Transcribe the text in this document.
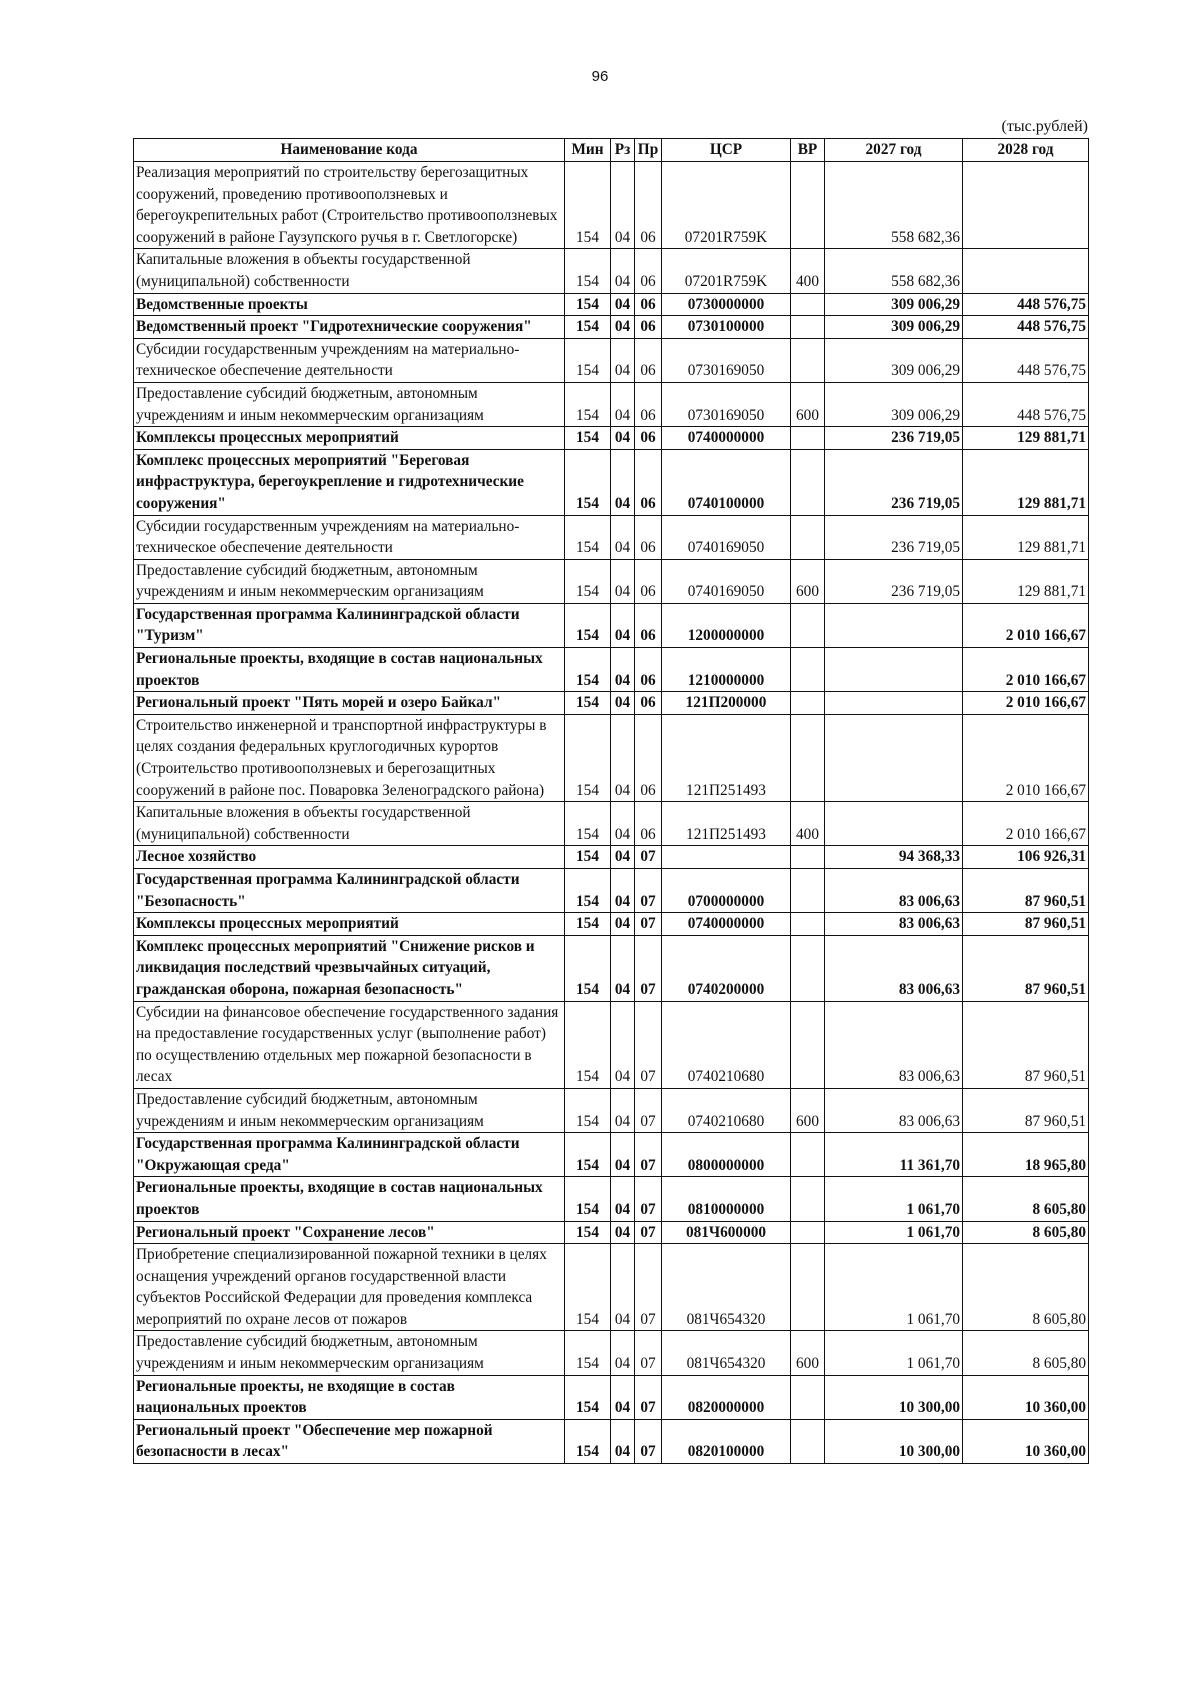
96
(тыс.рублей)
Наименование кода	Мин	Рз	Пр	ЦСР	ВР	2027 год	2028 год
Реализация мероприятий по строительству берегозащитных сооружений, проведению противооползневых и берегоукрепительных работ (Строительство противооползневых сооружений в районе Гаузупского ручья в г. Светлогорске)	154	04	06	07201R759K		558 682,36	
Капитальные вложения в объекты государственной (муниципальной) собственности	154	04	06	07201R759K	400	558 682,36	
Ведомственные проекты	154	04	06	0730000000		309 006,29	448 576,75
Ведомственный проект "Гидротехнические сооружения"	154	04	06	0730100000		309 006,29	448 576,75
Субсидии государственным учреждениям на материально-техническое обеспечение деятельности	154	04	06	0730169050		309 006,29	448 576,75
Предоставление субсидий бюджетным, автономным учреждениям и иным некоммерческим организациям	154	04	06	0730169050	600	309 006,29	448 576,75
Комплексы процессных мероприятий	154	04	06	0740000000		236 719,05	129 881,71
Комплекс процессных мероприятий "Береговая инфраструктура, берегоукрепление и гидротехнические сооружения"	154	04	06	0740100000		236 719,05	129 881,71
Субсидии государственным учреждениям на материально-техническое обеспечение деятельности	154	04	06	0740169050		236 719,05	129 881,71
Предоставление субсидий бюджетным, автономным учреждениям и иным некоммерческим организациям	154	04	06	0740169050	600	236 719,05	129 881,71
Государственная программа Калининградской области "Туризм"	154	04	06	1200000000			2 010 166,67
Региональные проекты, входящие в состав национальных проектов	154	04	06	1210000000			2 010 166,67
Региональный проект "Пять морей и озеро Байкал"	154	04	06	121П200000			2 010 166,67
Строительство инженерной и транспортной инфраструктуры в целях создания федеральных круглогодичных курортов (Строительство противооползневых и берегозащитных сооружений в районе пос. Поваровка Зеленоградского района)	154	04	06	121П251493			2 010 166,67
Капитальные вложения в объекты государственной (муниципальной) собственности	154	04	06	121П251493	400		2 010 166,67
Лесное хозяйство	154	04	07			94 368,33	106 926,31
Государственная программа Калининградской области "Безопасность"	154	04	07	0700000000		83 006,63	87 960,51
Комплексы процессных мероприятий	154	04	07	0740000000		83 006,63	87 960,51
Комплекс процессных мероприятий "Снижение рисков и ликвидация последствий чрезвычайных ситуаций, гражданская оборона, пожарная безопасность"	154	04	07	0740200000		83 006,63	87 960,51
Субсидии на финансовое обеспечение государственного задания на предоставление государственных услуг (выполнение работ) по осуществлению отдельных мер пожарной безопасности в лесах	154	04	07	0740210680		83 006,63	87 960,51
Предоставление субсидий бюджетным, автономным учреждениям и иным некоммерческим организациям	154	04	07	0740210680	600	83 006,63	87 960,51
Государственная программа Калининградской области "Окружающая среда"	154	04	07	0800000000		11 361,70	18 965,80
Региональные проекты, входящие в состав национальных проектов	154	04	07	0810000000		1 061,70	8 605,80
Региональный проект "Сохранение лесов"	154	04	07	081Ч600000		1 061,70	8 605,80
Приобретение специализированной пожарной техники в целях оснащения учреждений органов государственной власти субъектов Российской Федерации для проведения комплекса мероприятий по охране лесов от пожаров	154	04	07	081Ч654320		1 061,70	8 605,80
Предоставление субсидий бюджетным, автономным учреждениям и иным некоммерческим организациям	154	04	07	081Ч654320	600	1 061,70	8 605,80
Региональные проекты, не входящие в состав национальных проектов	154	04	07	0820000000		10 300,00	10 360,00
Региональный проект "Обеспечение мер пожарной безопасности в лесах"	154	04	07	0820100000		10 300,00	10 360,00
